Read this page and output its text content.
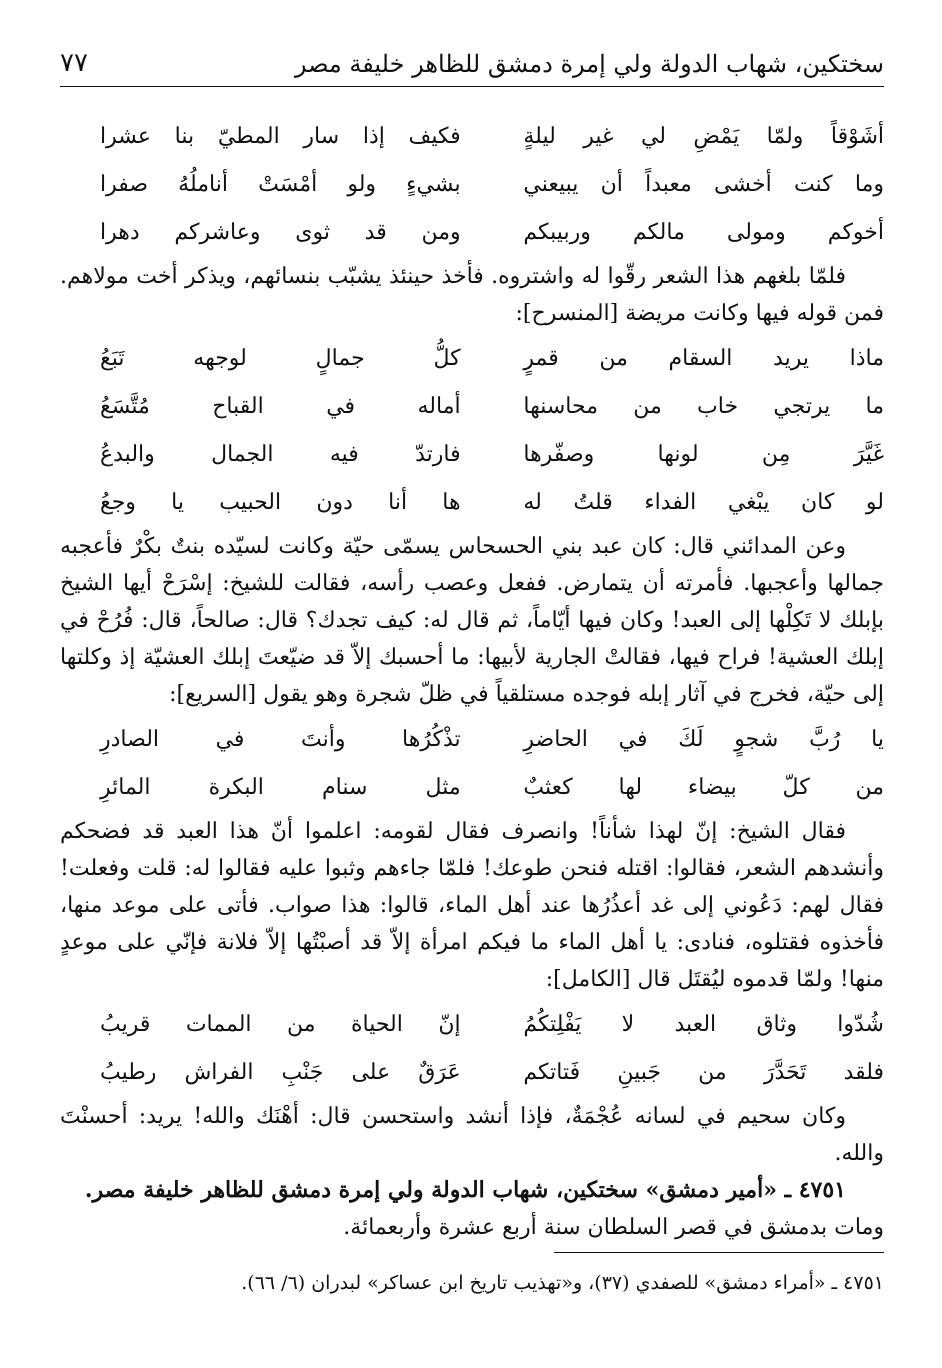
سختكين، شهاب الدولة ولي إمرة دمشق للظاهر خليفة مصر
٧٧
أشَوْقاً ولمّا يَمْضِ لي غير ليلةٍ
فكيف إذا سار المطيّ بنا عشرا
وما كنت أخشى معبداً أن يبيعني
بشيءٍ ولو أمْسَتْ أناملُهُ صفرا
أخوكم ومولى مالكم وربيبكم
ومن قد ثوى وعاشركم دهرا

فلمّا بلغهم هذا الشعر رقّوا له واشتروه. فأخذ حينئذ يشبّب بنسائهم، ويذكر أخت مولاهم. فمن قوله فيها وكانت مريضة [المنسرح]:

ماذا يريد السقام من قمرٍ
كلُّ جمالٍ لوجهه تَبَعُ
ما يرتجي خاب من محاسنها
أماله في القباح مُتَّسَعُ
غَيَّرَ مِن لونها وصفّرها
فارتدّ فيه الجمال والبدعُ
لو كان يبْغي الفداء قلتُ له
ها أنا دون الحبيب يا وجعُ

وعن المدائني قال: كان عبد بني الحسحاس يسمّى حيّة وكانت لسيّده بنتٌ بكْرٌ فأعجبه جمالها وأعجبها. فأمرته أن يتمارض. ففعل وعصب رأسه، فقالت للشيخ: إسْرَحْ أيها الشيخ بإبلك لا تَكِلْها إلى العبد! وكان فيها أيّاماً، ثم قال له: كيف تجدك؟ قال: صالحاً، قال: فُرُحْ في إبلك العشية! فراح فيها، فقالتْ الجارية لأبيها: ما أحسبك إلاّ قد ضيّعتَ إبلك العشيّة إذ وكلتها إلى حيّة، فخرج في آثار إبله فوجده مستلقياً في ظلّ شجرة وهو يقول [السريع]:

يا رُبَّ شجوٍ لَكَ في الحاضرِ
تذْكُرُها وأنتَ في الصادرِ
من كلّ بيضاء لها كعثبٌ
مثل سنام البكرة المائرِ

فقال الشيخ: إنّ لهذا شأناً! وانصرف فقال لقومه: اعلموا أنّ هذا العبد قد فضحكم وأنشدهم الشعر، فقالوا: اقتله فنحن طوعك! فلمّا جاءهم وثبوا عليه فقالوا له: قلت وفعلت! فقال لهم: دَعُوني إلى غد أعذُرُها عند أهل الماء، قالوا: هذا صواب. فأتى على موعد منها، فأخذوه فقتلوه، فنادى: يا أهل الماء ما فيكم امرأة إلاّ قد أصبْتُها إلاّ فلانة فإنّي على موعدٍ منها! ولمّا قدموه ليُقتَل قال [الكامل]:

شُدّوا وثاق العبد لا يَفْلِتكُمُ
إنّ الحياة من الممات قريبُ
فلقد تَحَدَّرَ من جَبينِ فَتاتكم
عَرَقٌ على جَنْبِ الفراش رطيبُ

وكان سحيم في لسانه عُجْمَةٌ، فإذا أنشد واستحسن قال: أهْنَك والله! يريد: أحسنْتَ والله.

٤٧٥١ ـ «أمير دمشق» سختكين، شهاب الدولة ولي إمرة دمشق للظاهر خليفة مصر.

ومات بدمشق في قصر السلطان سنة أربع عشرة وأربعمائة.

٤٧٥١ ـ «أمراء دمشق» للصفدي (٣٧)، و«تهذيب تاريخ ابن عساكر» لبدران (٦/ ٦٦).
